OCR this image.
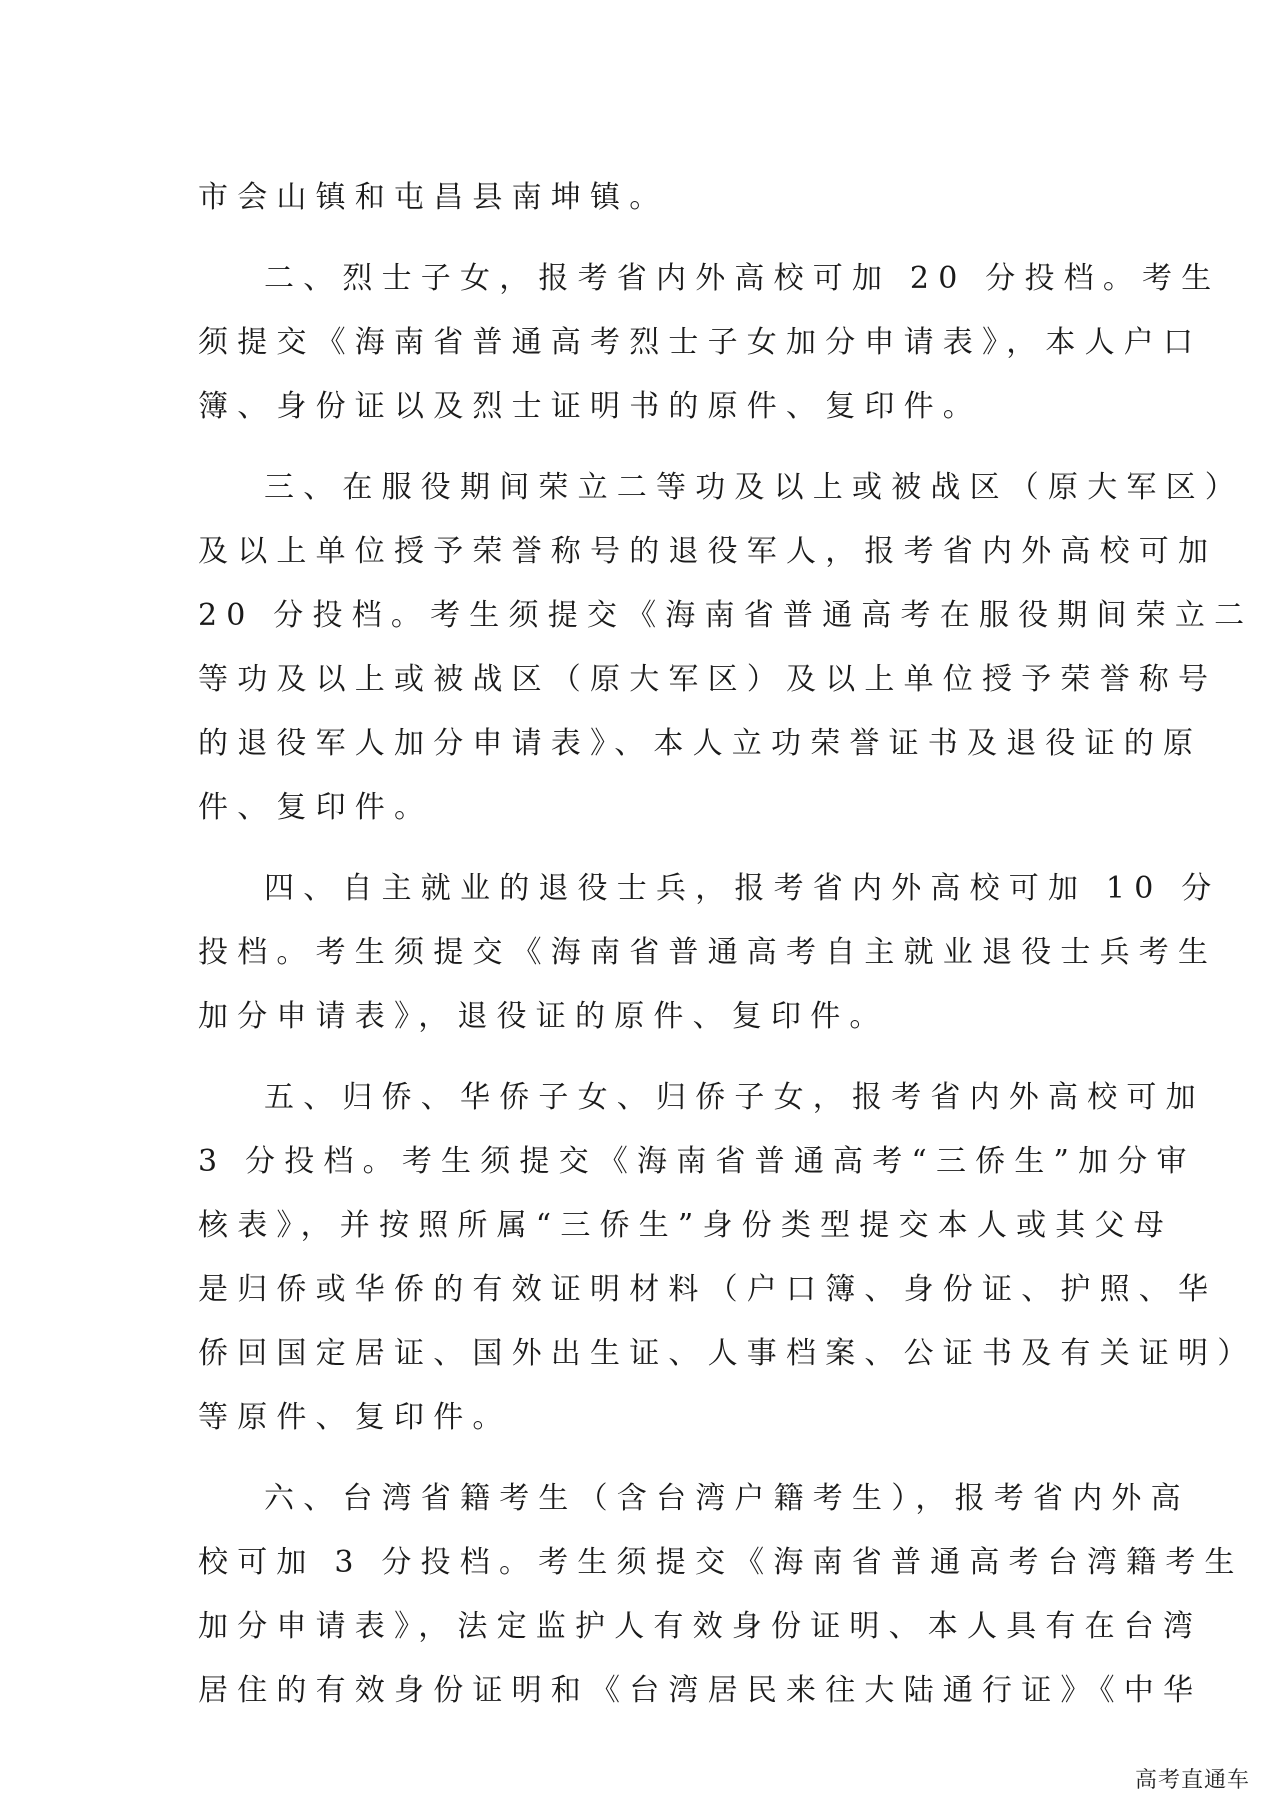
市会山镇和屯昌县南坤镇。
二、烈士子女，报考省内外高校可加 20 分投档。考生
须提交《海南省普通高考烈士子女加分申请表》，本人户口
簿、身份证以及烈士证明书的原件、复印件。
三、在服役期间荣立二等功及以上或被战区（原大军区）
及以上单位授予荣誉称号的退役军人，报考省内外高校可加
20 分投档。考生须提交《海南省普通高考在服役期间荣立二
等功及以上或被战区（原大军区）及以上单位授予荣誉称号
的退役军人加分申请表》、本人立功荣誉证书及退役证的原
件、复印件。
四、自主就业的退役士兵，报考省内外高校可加 10 分
投档。考生须提交《海南省普通高考自主就业退役士兵考生
加分申请表》，退役证的原件、复印件。
五、归侨、华侨子女、归侨子女，报考省内外高校可加
3 分投档。考生须提交《海南省普通高考“三侨生”加分审
核表》，并按照所属“三侨生”身份类型提交本人或其父母
是归侨或华侨的有效证明材料（户口簿、身份证、护照、华
侨回国定居证、国外出生证、人事档案、公证书及有关证明）
等原件、复印件。
六、台湾省籍考生（含台湾户籍考生），报考省内外高
校可加 3 分投档。考生须提交《海南省普通高考台湾籍考生
加分申请表》，法定监护人有效身份证明、本人具有在台湾
居住的有效身份证明和《台湾居民来往大陆通行证》《中华
高考直通车
